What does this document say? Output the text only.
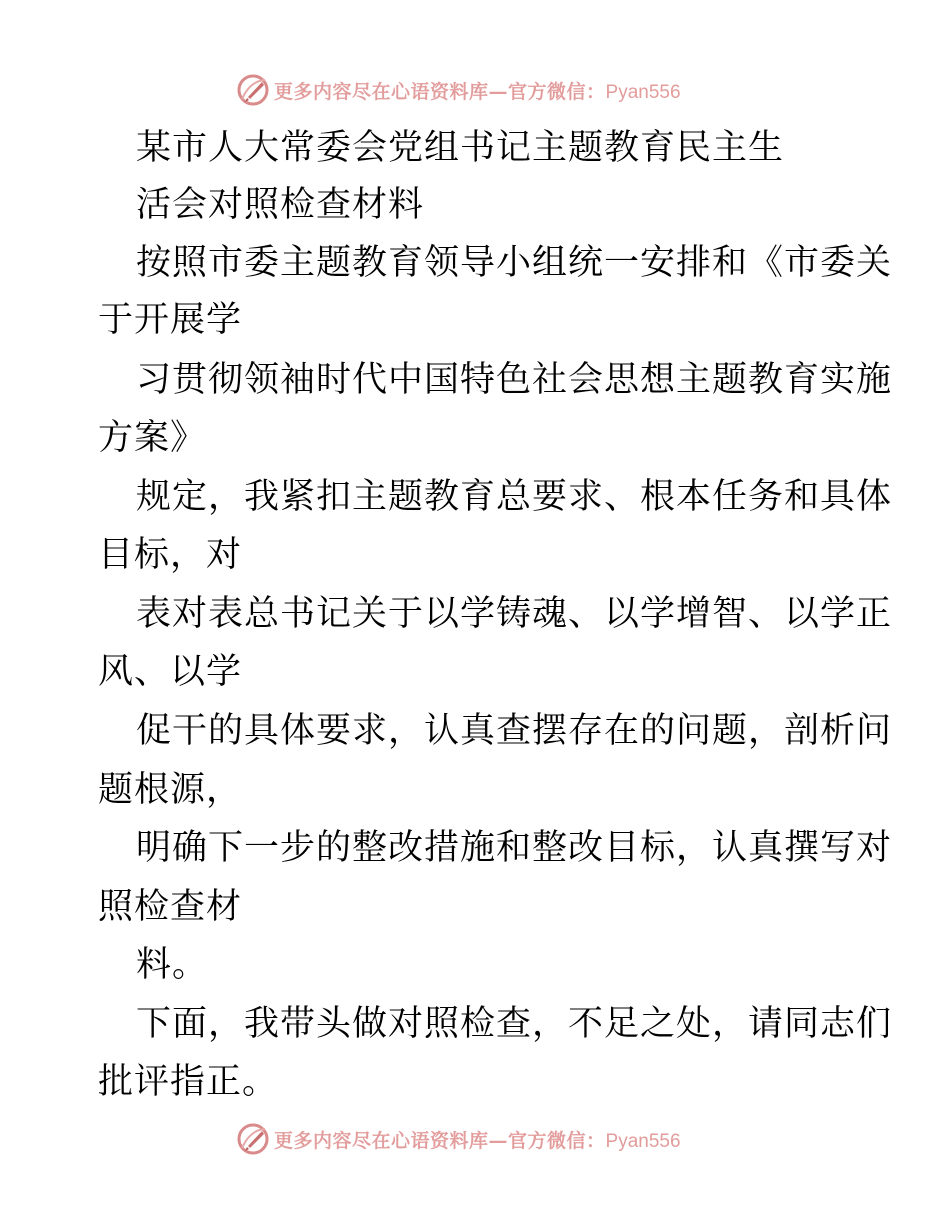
更多内容尽在心语资料库—官方微信：Pyan556
某市人大常委会党组书记主题教育民主生
活会对照检查材料
按照市委主题教育领导小组统一安排和《市委关
于开展学
习贯彻领袖时代中国特色社会思想主题教育实施
方案》
规定，我紧扣主题教育总要求、根本任务和具体
目标，对
表对表总书记关于以学铸魂、以学增智、以学正
风、以学
促干的具体要求，认真查摆存在的问题，剖析问
题根源，
明确下一步的整改措施和整改目标，认真撰写对
照检查材
料。
下面，我带头做对照检查，不足之处，请同志们
批评指正。
更多内容尽在心语资料库—官方微信：Pyan556
